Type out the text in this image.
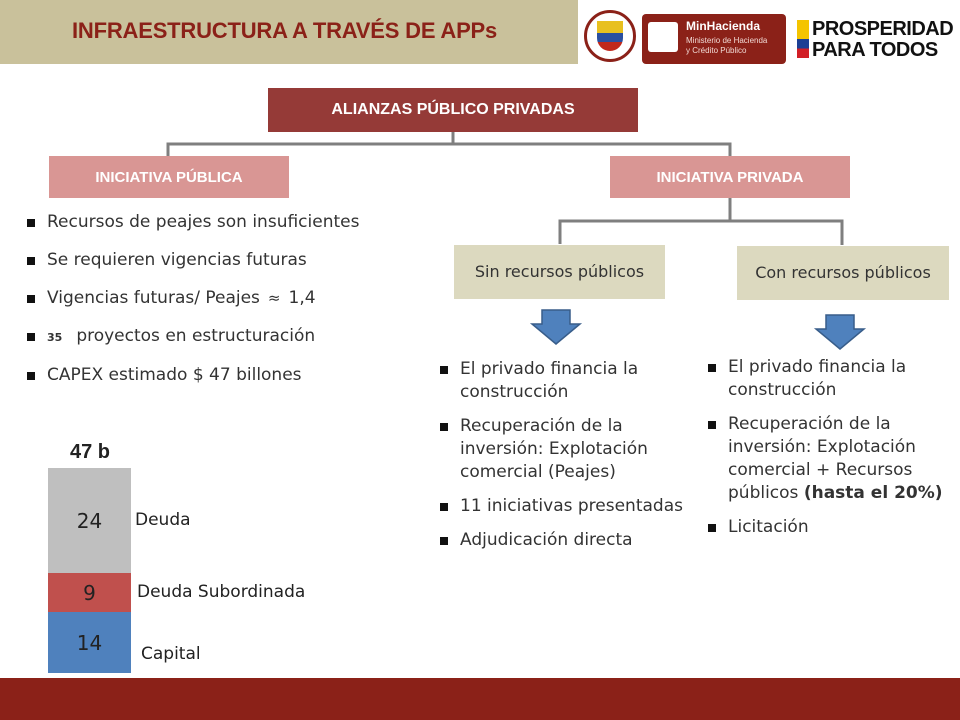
INFRAESTRUCTURA A TRAVÉS DE APPs	MinHacienda
Ministerio de Hacienda
y Crédito Público
PROSPERIDAD
PARA TODOS
ALIANZAS PÚBLICO PRIVADAS
INICIATIVA PÚBLICA	INICIATIVA PRIVADA
Sin recursos públicos	Con recursos públicos
Recursos de peajes son insuficientes
Se requieren vigencias futuras
Vigencias futuras/ Peajes ≈ 1,4
35 proyectos en estructuración
CAPEX estimado $ 47 billones	El privado financia la construcción
Recuperación de la inversión: Explotación comercial (Peajes)
11 iniciativas presentadas
Adjudicación directa
El privado financia la construcción
Recuperación de la inversión: Explotación comercial + Recursos públicos (hasta el 20%)
Licitación
47 b
24 Deuda
9 Deuda Subordinada
14 Capital
